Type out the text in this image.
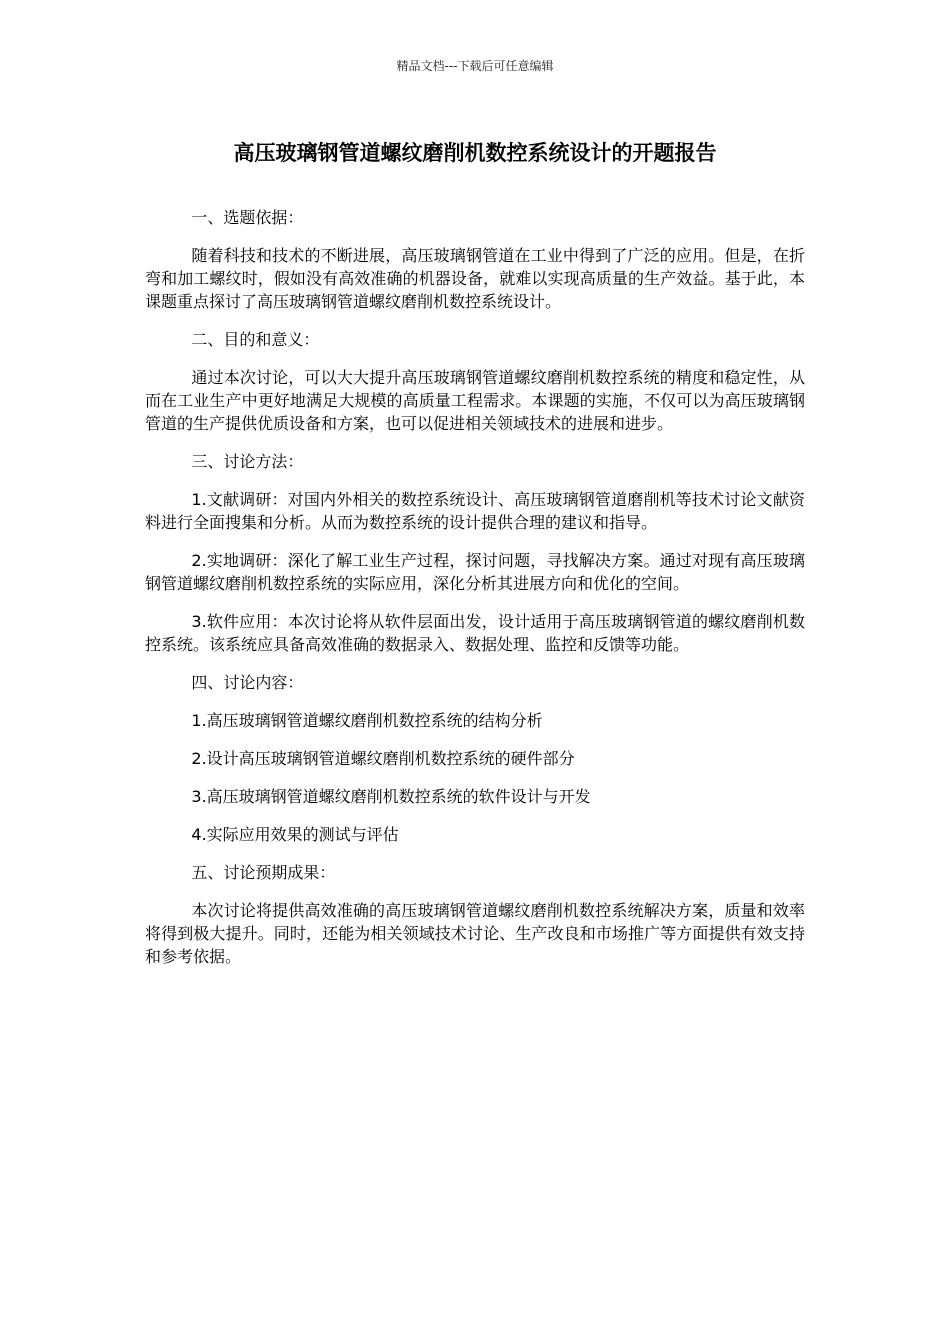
精品文档---下载后可任意编辑
高压玻璃钢管道螺纹磨削机数控系统设计的开题报告

一、选题依据：

随着科技和技术的不断进展，高压玻璃钢管道在工业中得到了广泛的应用。但是，在折弯和加工螺纹时，假如没有高效准确的机器设备，就难以实现高质量的生产效益。基于此，本课题重点探讨了高压玻璃钢管道螺纹磨削机数控系统设计。

二、目的和意义：

通过本次讨论，可以大大提升高压玻璃钢管道螺纹磨削机数控系统的精度和稳定性，从而在工业生产中更好地满足大规模的高质量工程需求。本课题的实施，不仅可以为高压玻璃钢管道的生产提供优质设备和方案，也可以促进相关领域技术的进展和进步。

三、讨论方法：

1.文献调研：对国内外相关的数控系统设计、高压玻璃钢管道磨削机等技术讨论文献资料进行全面搜集和分析。从而为数控系统的设计提供合理的建议和指导。

2.实地调研：深化了解工业生产过程，探讨问题，寻找解决方案。通过对现有高压玻璃钢管道螺纹磨削机数控系统的实际应用，深化分析其进展方向和优化的空间。

3.软件应用：本次讨论将从软件层面出发，设计适用于高压玻璃钢管道的螺纹磨削机数控系统。该系统应具备高效准确的数据录入、数据处理、监控和反馈等功能。

四、讨论内容：

1.高压玻璃钢管道螺纹磨削机数控系统的结构分析

2.设计高压玻璃钢管道螺纹磨削机数控系统的硬件部分

3.高压玻璃钢管道螺纹磨削机数控系统的软件设计与开发

4.实际应用效果的测试与评估

五、讨论预期成果：

本次讨论将提供高效准确的高压玻璃钢管道螺纹磨削机数控系统解决方案，质量和效率将得到极大提升。同时，还能为相关领域技术讨论、生产改良和市场推广等方面提供有效支持和参考依据。
